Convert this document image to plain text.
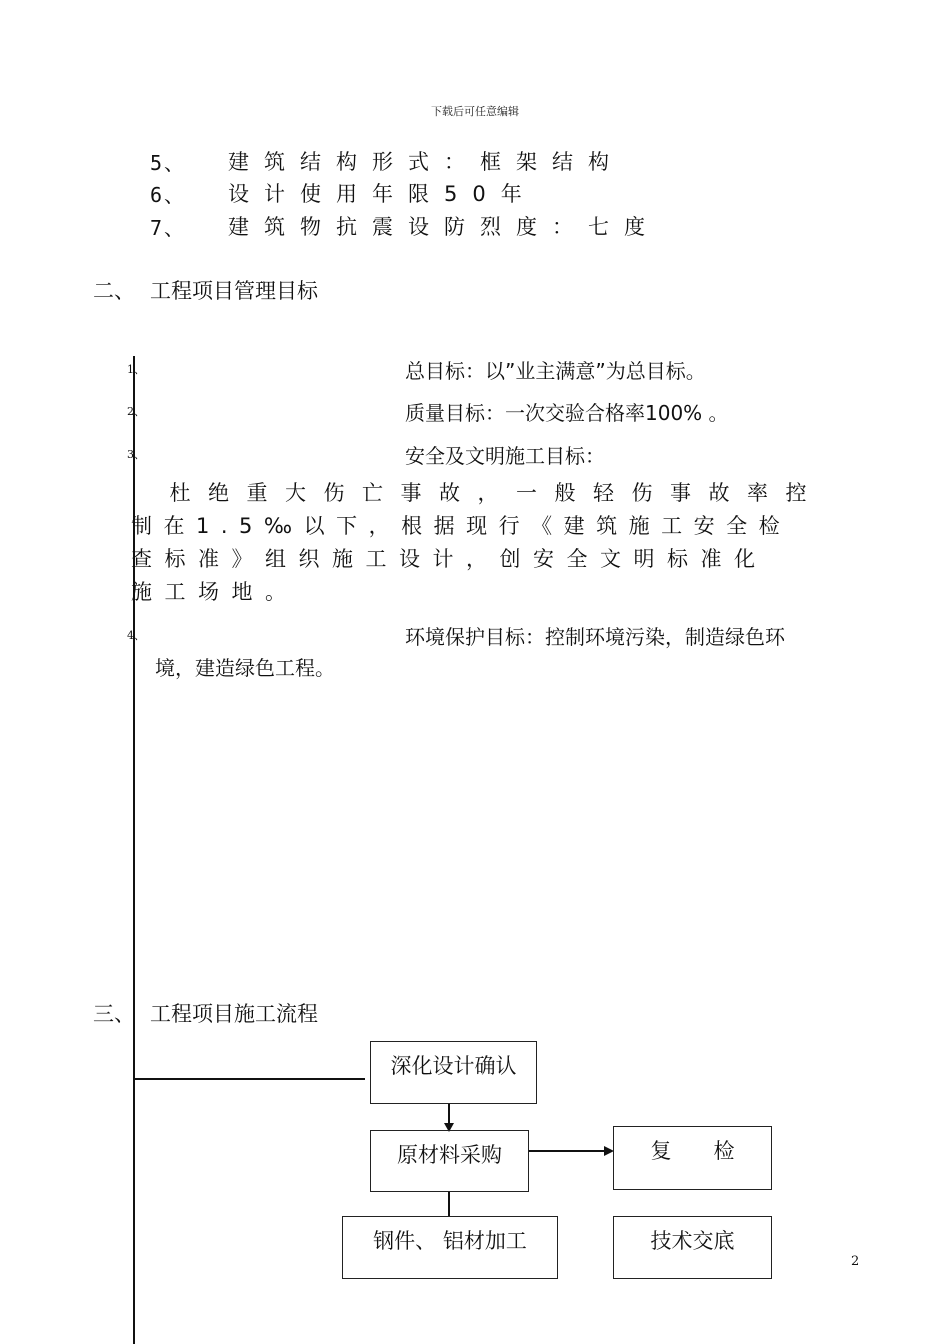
下载后可任意编辑
5、 建筑结构形式：框架结构
6、 设计使用年限50年
7、 建筑物抗震设防烈度：七度
二、 工程项目管理目标
1、	总目标：以”业主满意”为总目标。
2、	质量目标：一次交验合格率100% 。
3、	安全及文明施工目标：
　杜绝重大伤亡事故，一般轻伤事故率控
制在1.5‰以下，根据现行《建筑施工安全检
查标准》组织施工设计，创安全文明标准化
施工场地。
4、	环境保护目标：控制环境污染，制造绿色环
境，建造绿色工程。
三、 工程项目施工流程
深化设计确认
原材料采购	复　　检
钢件、 铝材加工	技术交底
2
